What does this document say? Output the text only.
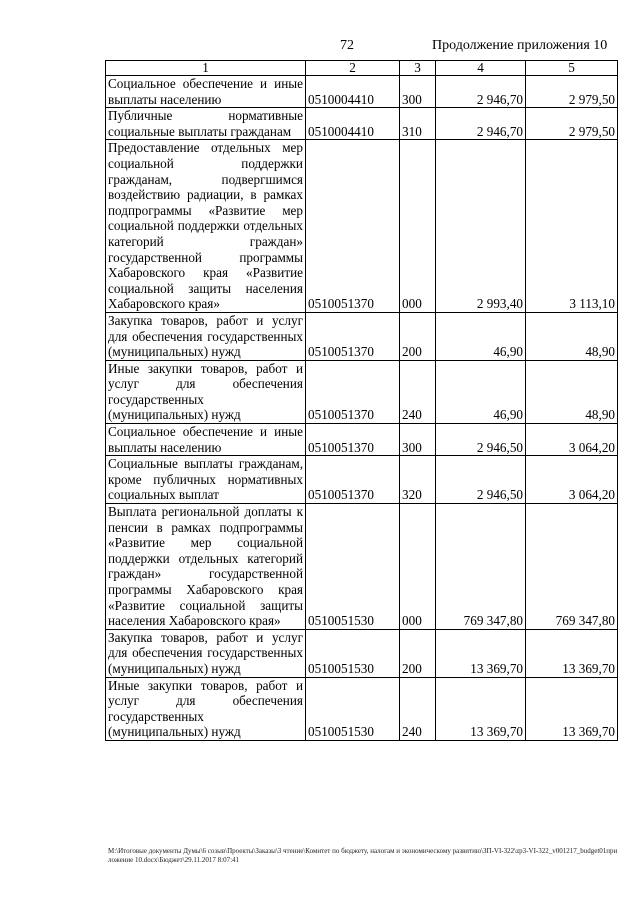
72	Продолжение приложения 10
1	2	3	4	5
Социальное обеспечение и иные выплаты населению	0510004410	300	2 946,70	2 979,50
Публичные нормативные социальные выплаты гражданам	0510004410	310	2 946,70	2 979,50
Предоставление отдельных мер социальной поддержки гражданам, подвергшимся воздействию радиации, в рамках подпрограммы «Развитие мер социальной поддержки отдельных категорий граждан» государственной программы Хабаровского края «Развитие социальной защиты населения Хабаровского края»	0510051370	000	2 993,40	3 113,10
Закупка товаров, работ и услуг для обеспечения государственных (муниципальных) нужд	0510051370	200	46,90	48,90
Иные закупки товаров, работ и услуг для обеспечения государственных (муниципальных) нужд	0510051370	240	46,90	48,90
Социальное обеспечение и иные выплаты населению	0510051370	300	2 946,50	3 064,20
Социальные выплаты гражданам, кроме публичных нормативных социальных выплат	0510051370	320	2 946,50	3 064,20
Выплата региональной доплаты к пенсии в рамках подпрограммы «Развитие мер социальной поддержки отдельных категорий граждан» государственной программы Хабаровского края «Развитие социальной защиты населения Хабаровского края»	0510051530	000	769 347,80	769 347,80
Закупка товаров, работ и услуг для обеспечения государственных (муниципальных) нужд	0510051530	200	13 369,70	13 369,70
Иные закупки товаров, работ и услуг для обеспечения государственных (муниципальных) нужд	0510051530	240	13 369,70	13 369,70
M:\Итоговые документы Думы\6 созыв\Проекты\Заказы\3 чтение\Комитет по бюджету, налогам и экономическому развитию\ЗП-VI-322\zp3-VI-322_v001217_budget01приложение 10.docx\Бюджет\29.11.2017 8:07:41
